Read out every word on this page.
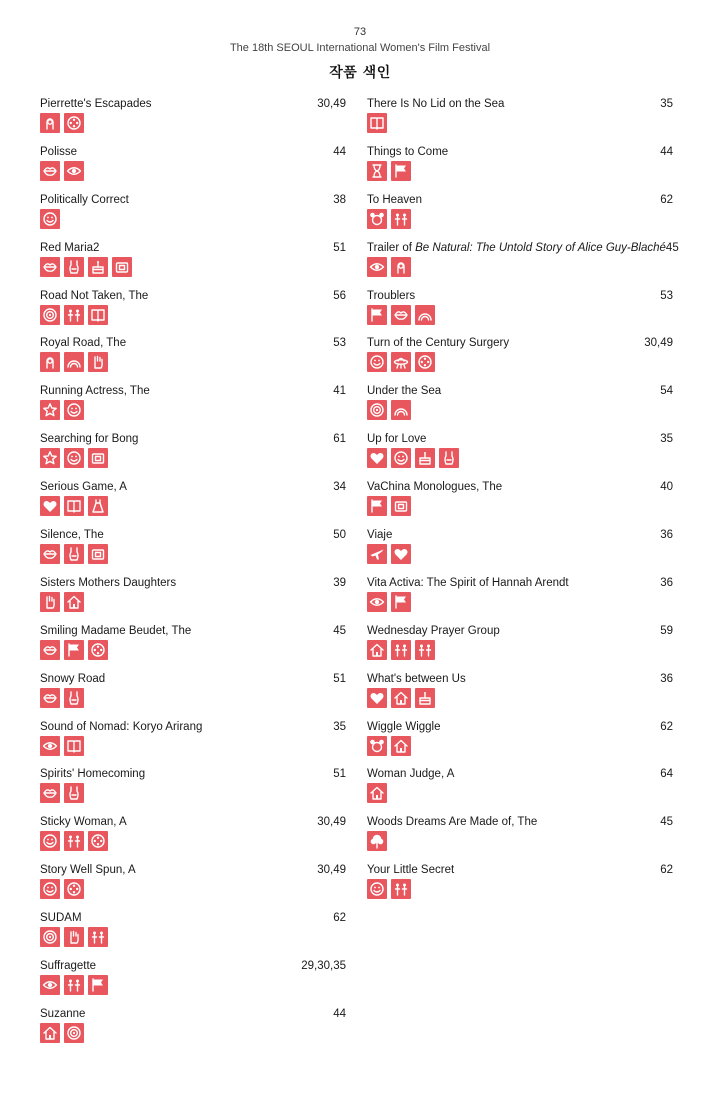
73
The 18th SEOUL International Women's Film Festival
작품 색인
Pierrette's Escapades	30,49
Polisse	44
Politically Correct	38
Red Maria2	51
Road Not Taken, The	56
Royal Road, The	53
Running Actress, The	41
Searching for Bong	61
Serious Game, A	34
Silence, The	50
Sisters Mothers Daughters	39
Smiling Madame Beudet, The	45
Snowy Road	51
Sound of Nomad: Koryo Arirang	35
Spirits' Homecoming	51
Sticky Woman, A	30,49
Story Well Spun, A	30,49
SUDAM	62
Suffragette	29,30,35
Suzanne	44
There Is No Lid on the Sea	35
Things to Come	44
To Heaven	62
Trailer of Be Natural: The Untold Story of Alice Guy-Blaché 45
Troublers	53
Turn of the Century Surgery	30,49
Under the Sea	54
Up for Love	35
VaChina Monologues, The	40
Viaje	36
Vita Activa: The Spirit of Hannah Arendt	36
Wednesday Prayer Group	59
What's between Us	36
Wiggle Wiggle	62
Woman Judge, A	64
Woods Dreams Are Made of, The	45
Your Little Secret	62
